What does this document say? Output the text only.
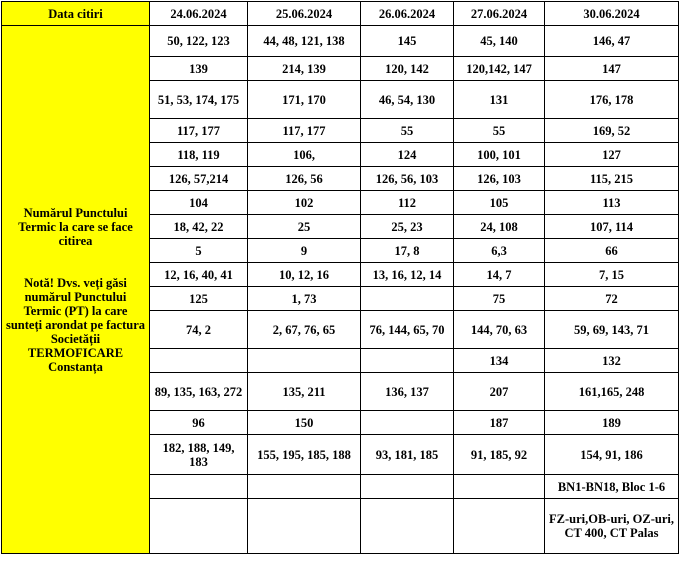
Data citiri	24.06.2024	25.06.2024	26.06.2024	27.06.2024	30.06.2024

Numărul Punctului Termic la care se face citirea
Notă! Dvs. veți găsi numărul Punctului Termic (PT) la care sunteți arondat pe factura Societății TERMOFICARE Constanța	50, 122, 123	44, 48, 121, 138	145	45, 140	146, 47
	139	214, 139	120, 142	120,142, 147	147
	51, 53, 174, 175	171, 170	46, 54, 130	131	176, 178
	117, 177	117, 177	55	55	169, 52
	118, 119	106,	124	100, 101	127
	126, 57,214	126, 56	126, 56, 103	126, 103	115, 215
	104	102	112	105	113
	18, 42, 22	25	25, 23	24, 108	107, 114
	5	9	17, 8	6,3	66
	12, 16, 40, 41	10, 12, 16	13, 16, 12, 14	14, 7	7, 15
	125	1, 73		75	72
	74, 2	2, 67, 76, 65	76, 144, 65, 70	144, 70, 63	59, 69, 143, 71
				134	132
	89, 135, 163, 272	135, 211	136, 137	207	161,165, 248
	96	150		187	189
	182, 188, 149, 183	155, 195, 185, 188	93, 181, 185	91, 185, 92	154, 91, 186
					BN1-BN18, Bloc 1-6
					FZ-uri,OB-uri, OZ-uri, CT 400, CT Palas
